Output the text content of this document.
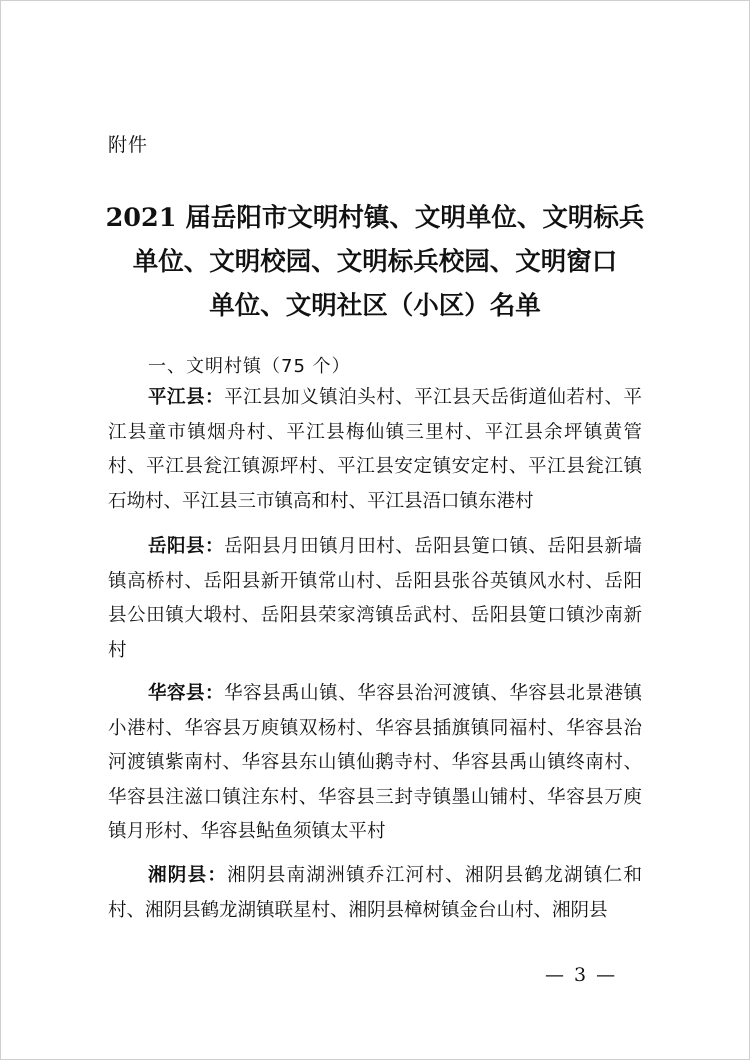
附件
2021 届岳阳市文明村镇、文明单位、文明标兵
单位、文明校园、文明标兵校园、文明窗口
单位、文明社区（小区）名单
一、文明村镇（75 个）

平江县：平江县加义镇泊头村、平江县天岳街道仙若村、平江县童市镇烟舟村、平江县梅仙镇三里村、平江县余坪镇黄管村、平江县瓮江镇源坪村、平江县安定镇安定村、平江县瓮江镇石坳村、平江县三市镇高和村、平江县浯口镇东港村

岳阳县：岳阳县月田镇月田村、岳阳县筻口镇、岳阳县新墙镇高桥村、岳阳县新开镇常山村、岳阳县张谷英镇风水村、岳阳县公田镇大塅村、岳阳县荣家湾镇岳武村、岳阳县筻口镇沙南新村

华容县：华容县禹山镇、华容县治河渡镇、华容县北景港镇小港村、华容县万庾镇双杨村、华容县插旗镇同福村、华容县治河渡镇紫南村、华容县东山镇仙鹅寺村、华容县禹山镇终南村、华容县注滋口镇注东村、华容县三封寺镇墨山铺村、华容县万庾镇月形村、华容县鲇鱼须镇太平村

湘阴县：湘阴县南湖洲镇乔江河村、湘阴县鹤龙湖镇仁和村、湘阴县鹤龙湖镇联星村、湘阴县樟树镇金台山村、湘阴县

— 3 —
